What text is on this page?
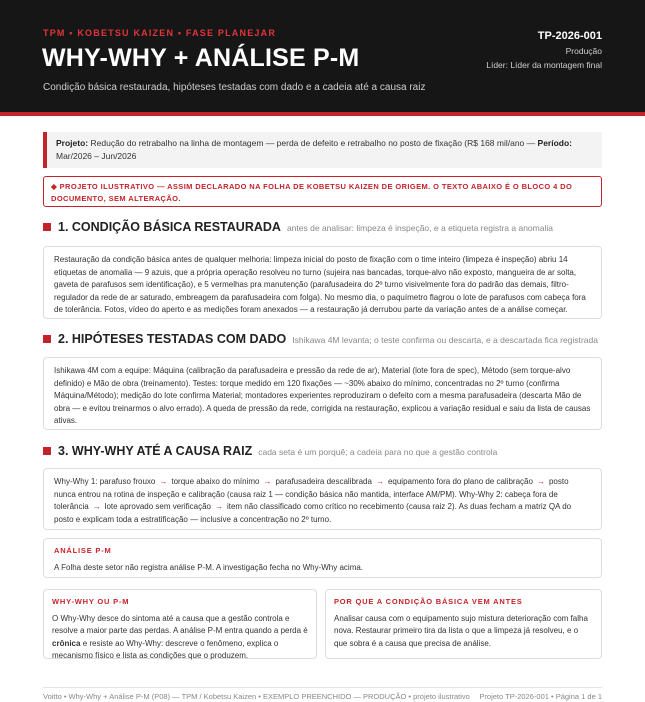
TPM • KOBETSU KAIZEN • FASE PLANEJAR
WHY-WHY + ANÁLISE P-M
Condição básica restaurada, hipóteses testadas com dado e a cadeia até a causa raiz
TP-2026-001
Produção
Líder: Líder da montagem final
Projeto: Redução do retrabalho na linha de montagem — perda de defeito e retrabalho no posto de fixação (R$ 168 mil/ano — Período: Mar/2026 – Jun/2026
◆ PROJETO ILUSTRATIVO — ASSIM DECLARADO NA FOLHA DE KOBETSU KAIZEN DE ORIGEM. O TEXTO ABAIXO É O BLOCO 4 DO DOCUMENTO, SEM ALTERAÇÃO.
1. CONDIÇÃO BÁSICA RESTAURADA antes de analisar: limpeza é inspeção, e a etiqueta registra a anomalia
Restauração da condição básica antes de qualquer melhoria: limpeza inicial do posto de fixação com o time inteiro (limpeza é inspeção) abriu 14 etiquetas de anomalia — 9 azuis, que a própria operação resolveu no turno (sujeira nas bancadas, torque-alvo não exposto, mangueira de ar solta, gaveta de parafusos sem identificação), e 5 vermelhas pra manutenção (parafusadeira do 2º turno visivelmente fora do padrão das demais, filtro-regulador da rede de ar saturado, embreagem da parafusadeira com folga). No mesmo dia, o paquímetro flagrou o lote de parafusos com cabeça fora de tolerância. Fotos, vídeo do aperto e as medições foram anexados — a restauração já derrubou parte da variação antes de a análise começar.
2. HIPÓTESES TESTADAS COM DADO Ishikawa 4M levanta; o teste confirma ou descarta, e a descartada fica registrada
Ishikawa 4M com a equipe: Máquina (calibração da parafusadeira e pressão da rede de ar), Material (lote fora de spec), Método (sem torque-alvo definido) e Mão de obra (treinamento). Testes: torque medido em 120 fixações — ~30% abaixo do mínimo, concentradas no 2º turno (confirma Máquina/Método); medição do lote confirma Material; montadores experientes reproduziram o defeito com a mesma parafusadeira (descarta Mão de obra — e evitou treinarmos o alvo errado). A queda de pressão da rede, corrigida na restauração, explicou a variação residual e saiu da lista de causas ativas.
3. WHY-WHY ATÉ A CAUSA RAIZ cada seta é um porquê; a cadeia para no que a gestão controla
Why-Why 1: parafuso frouxo → torque abaixo do mínimo → parafusadeira descalibrada → equipamento fora do plano de calibração → posto nunca entrou na rotina de inspeção e calibração (causa raiz 1 — condição básica não mantida, interface AM/PM). Why-Why 2: cabeça fora de tolerância → lote aprovado sem verificação → item não classificado como crítico no recebimento (causa raiz 2). As duas fecham a matriz QA do posto e explicam toda a estratificação — inclusive a concentração no 2º turno.
ANÁLISE P-M
A Folha deste setor não registra análise P-M. A investigação fecha no Why-Why acima.
WHY-WHY OU P-M
O Why-Why desce do sintoma até a causa que a gestão controla e resolve a maior parte das perdas. A análise P-M entra quando a perda é crônica e resiste ao Why-Why: descreve o fenômeno, explica o mecanismo físico e lista as condições que o produzem.
POR QUE A CONDIÇÃO BÁSICA VEM ANTES
Analisar causa com o equipamento sujo mistura deterioração com falha nova. Restaurar primeiro tira da lista o que a limpeza já resolveu, e o que sobra é a causa que precisa de análise.
Voitto • Why-Why + Análise P-M (P08) — TPM / Kobetsu Kaizen • EXEMPLO PREENCHIDO — PRODUÇÃO • projeto ilustrativo Projeto TP-2026-001 • Página 1 de 1
